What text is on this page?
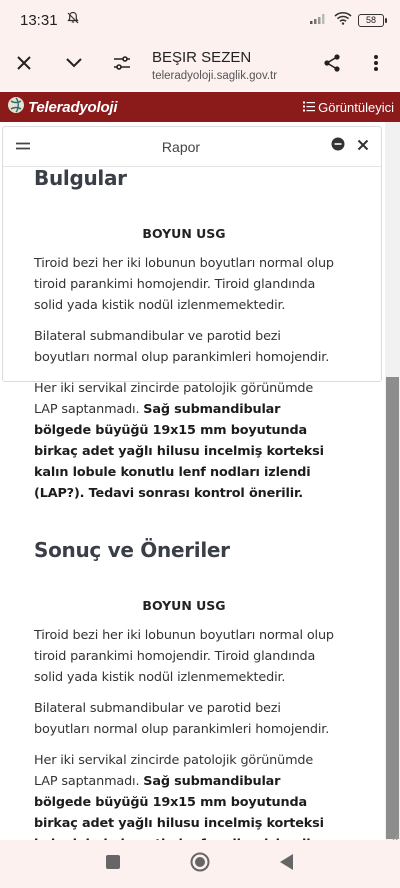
13:31	58
BEŞIR SEZEN
teleradyoloji.saglik.gov.tr
Teleradyoloji	Görüntüleyici
Rapor
Bulgular
BOYUN USG

Tiroid bezi her iki lobunun boyutları normal olup tiroid parankimi homojendir. Tiroid glandında solid yada kistik nodül izlenmemektedir.

Bilateral submandibular ve parotid bezi boyutları normal olup parankimleri homojendir.

Her iki servikal zincirde patolojik görünümde LAP saptanmadı. Sağ submandibular bölgede büyüğü 19x15 mm boyutunda birkaç adet yağlı hilusu incelmiş korteksi kalın lobule konutlu lenf nodları izlendi (LAP?). Tedavi sonrası kontrol önerilir.

Sonuç ve Öneriler
BOYUN USG

Tiroid bezi her iki lobunun boyutları normal olup tiroid parankimi homojendir. Tiroid glandında solid yada kistik nodül izlenmemektedir.

Bilateral submandibular ve parotid bezi boyutları normal olup parankimleri homojendir.

Her iki servikal zincirde patolojik görünümde LAP saptanmadı. Sağ submandibular bölgede büyüğü 19x15 mm boyutunda birkaç adet yağlı hilusu incelmiş korteksi
